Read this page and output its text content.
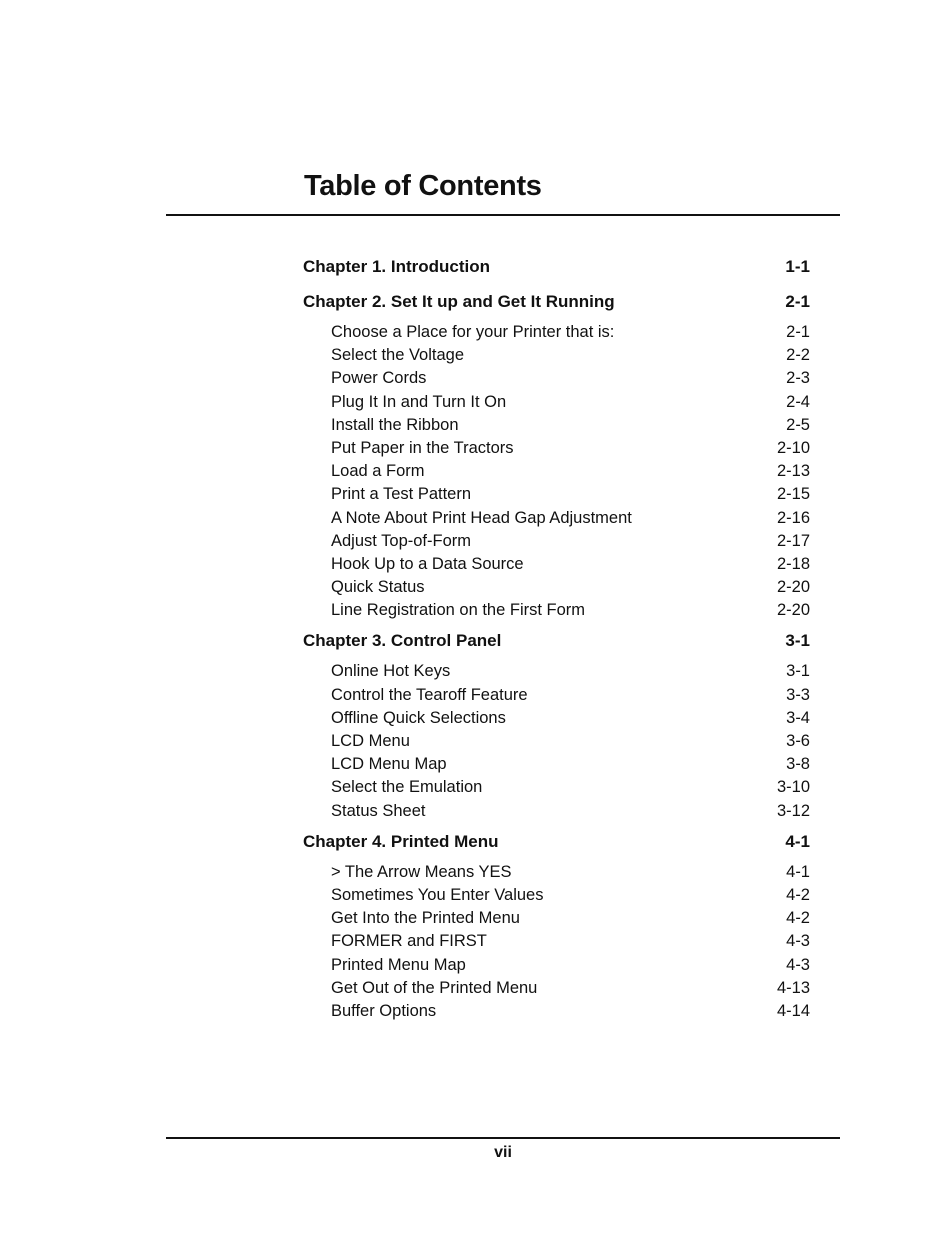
Table of Contents
Chapter 1. Introduction	1-1
Chapter 2. Set It up and Get It Running	2-1
Choose a Place for your Printer that is:	2-1
Select the Voltage	2-2
Power Cords	2-3
Plug It In and Turn It On	2-4
Install the Ribbon	2-5
Put Paper in the Tractors	2-10
Load a Form	2-13
Print a Test Pattern	2-15
A Note About Print Head Gap Adjustment	2-16
Adjust Top-of-Form	2-17
Hook Up to a Data Source	2-18
Quick Status	2-20
Line Registration on the First Form	2-20
Chapter 3. Control Panel	3-1
Online Hot Keys	3-1
Control the Tearoff Feature	3-3
Offline Quick Selections	3-4
LCD Menu	3-6
LCD Menu Map	3-8
Select the Emulation	3-10
Status Sheet	3-12
Chapter 4. Printed Menu	4-1
> The Arrow Means YES	4-1
Sometimes You Enter Values	4-2
Get Into the Printed Menu	4-2
FORMER and FIRST	4-3
Printed Menu Map	4-3
Get Out of the Printed Menu	4-13
Buffer Options	4-14
vii
